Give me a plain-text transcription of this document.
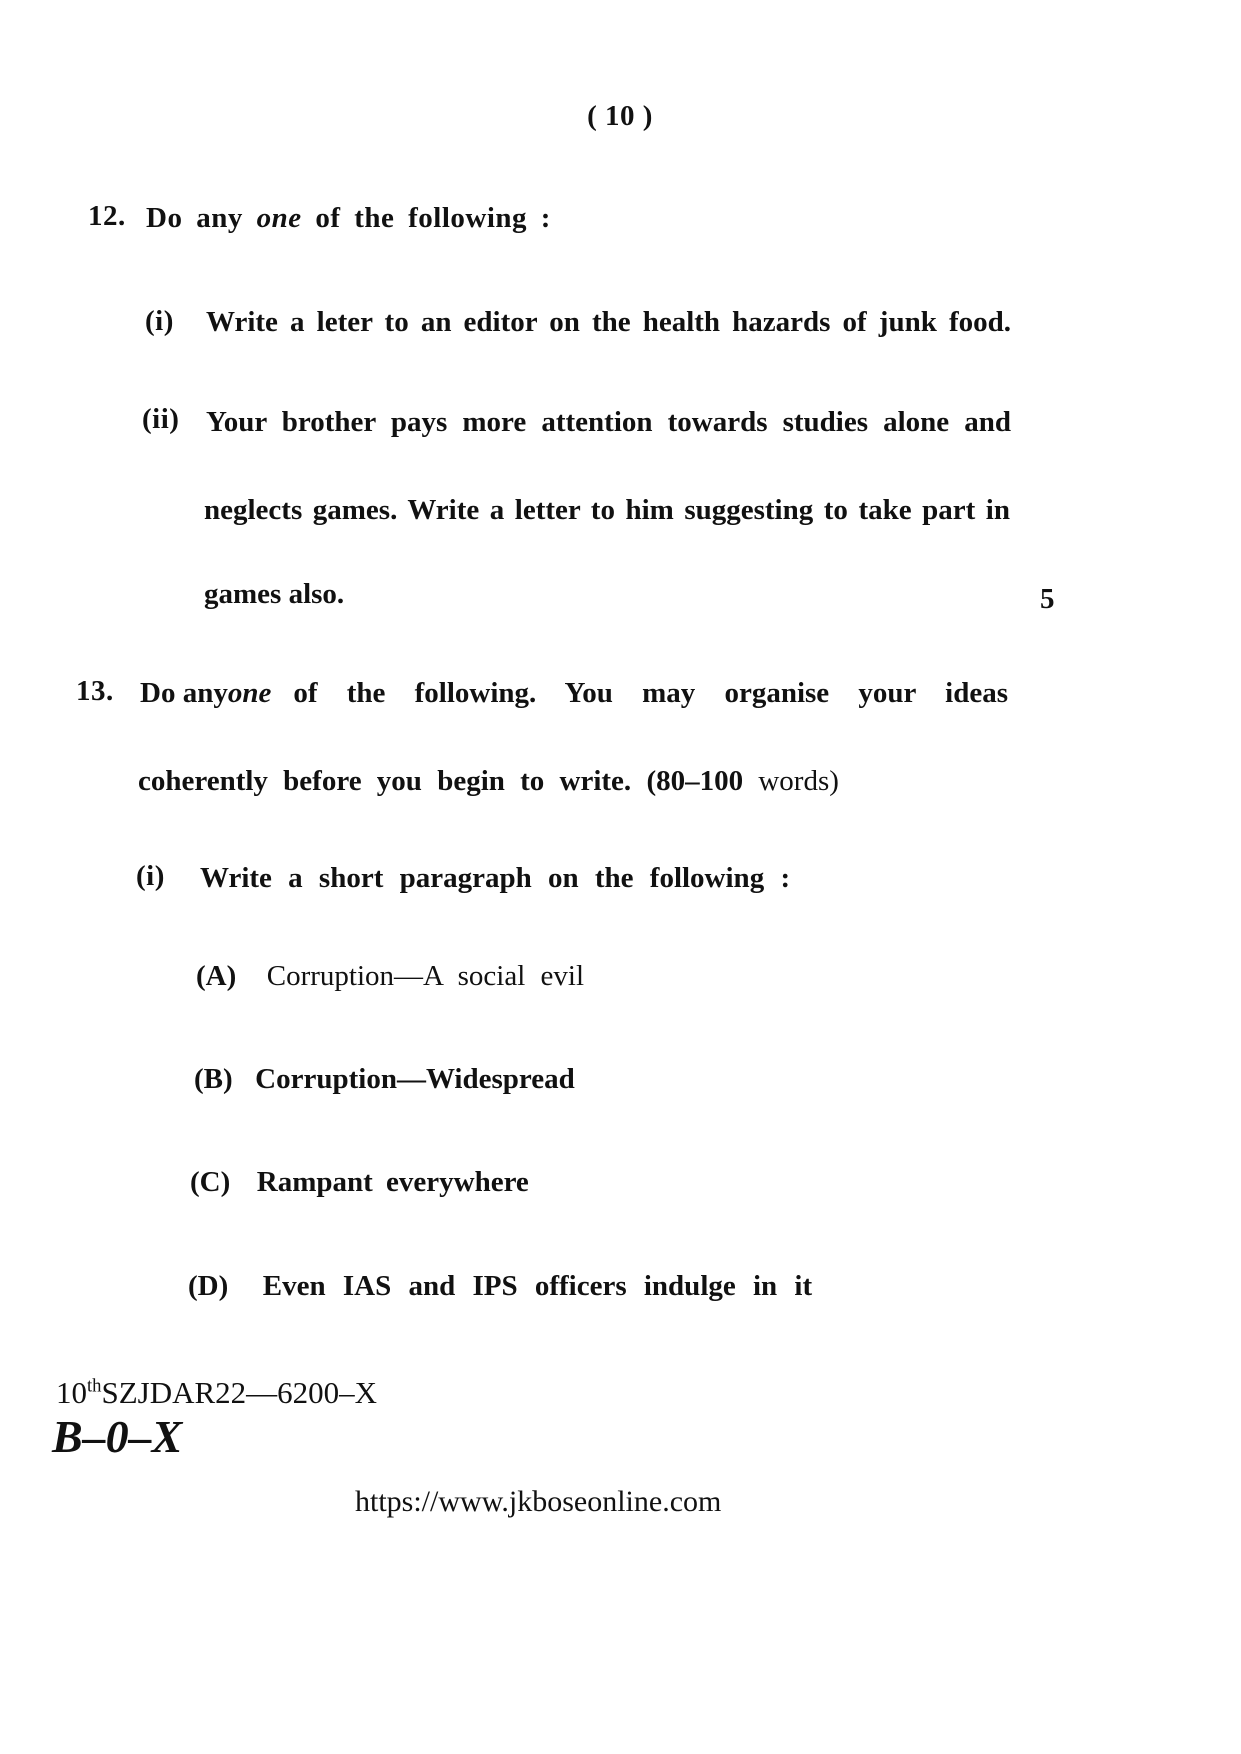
( 10 )
12. Do any one of the following :
(i) Write a leter to an editor on the health hazards of junk food.
(ii) Your brother pays more attention towards studies alone and
neglects games. Write a letter to him suggesting to take part in
games also.	5
13. Do any one of the following. You may organise your ideas
coherently before you begin to write. (80–100 words)
(i) Write a short paragraph on the following :
(A) Corruption—A social evil
(B) Corruption—Widespread
(C) Rampant everywhere
(D) Even IAS and IPS officers indulge in it
10thSZJDAR22—6200–X
B–0–X
https://www.jkboseonline.com
